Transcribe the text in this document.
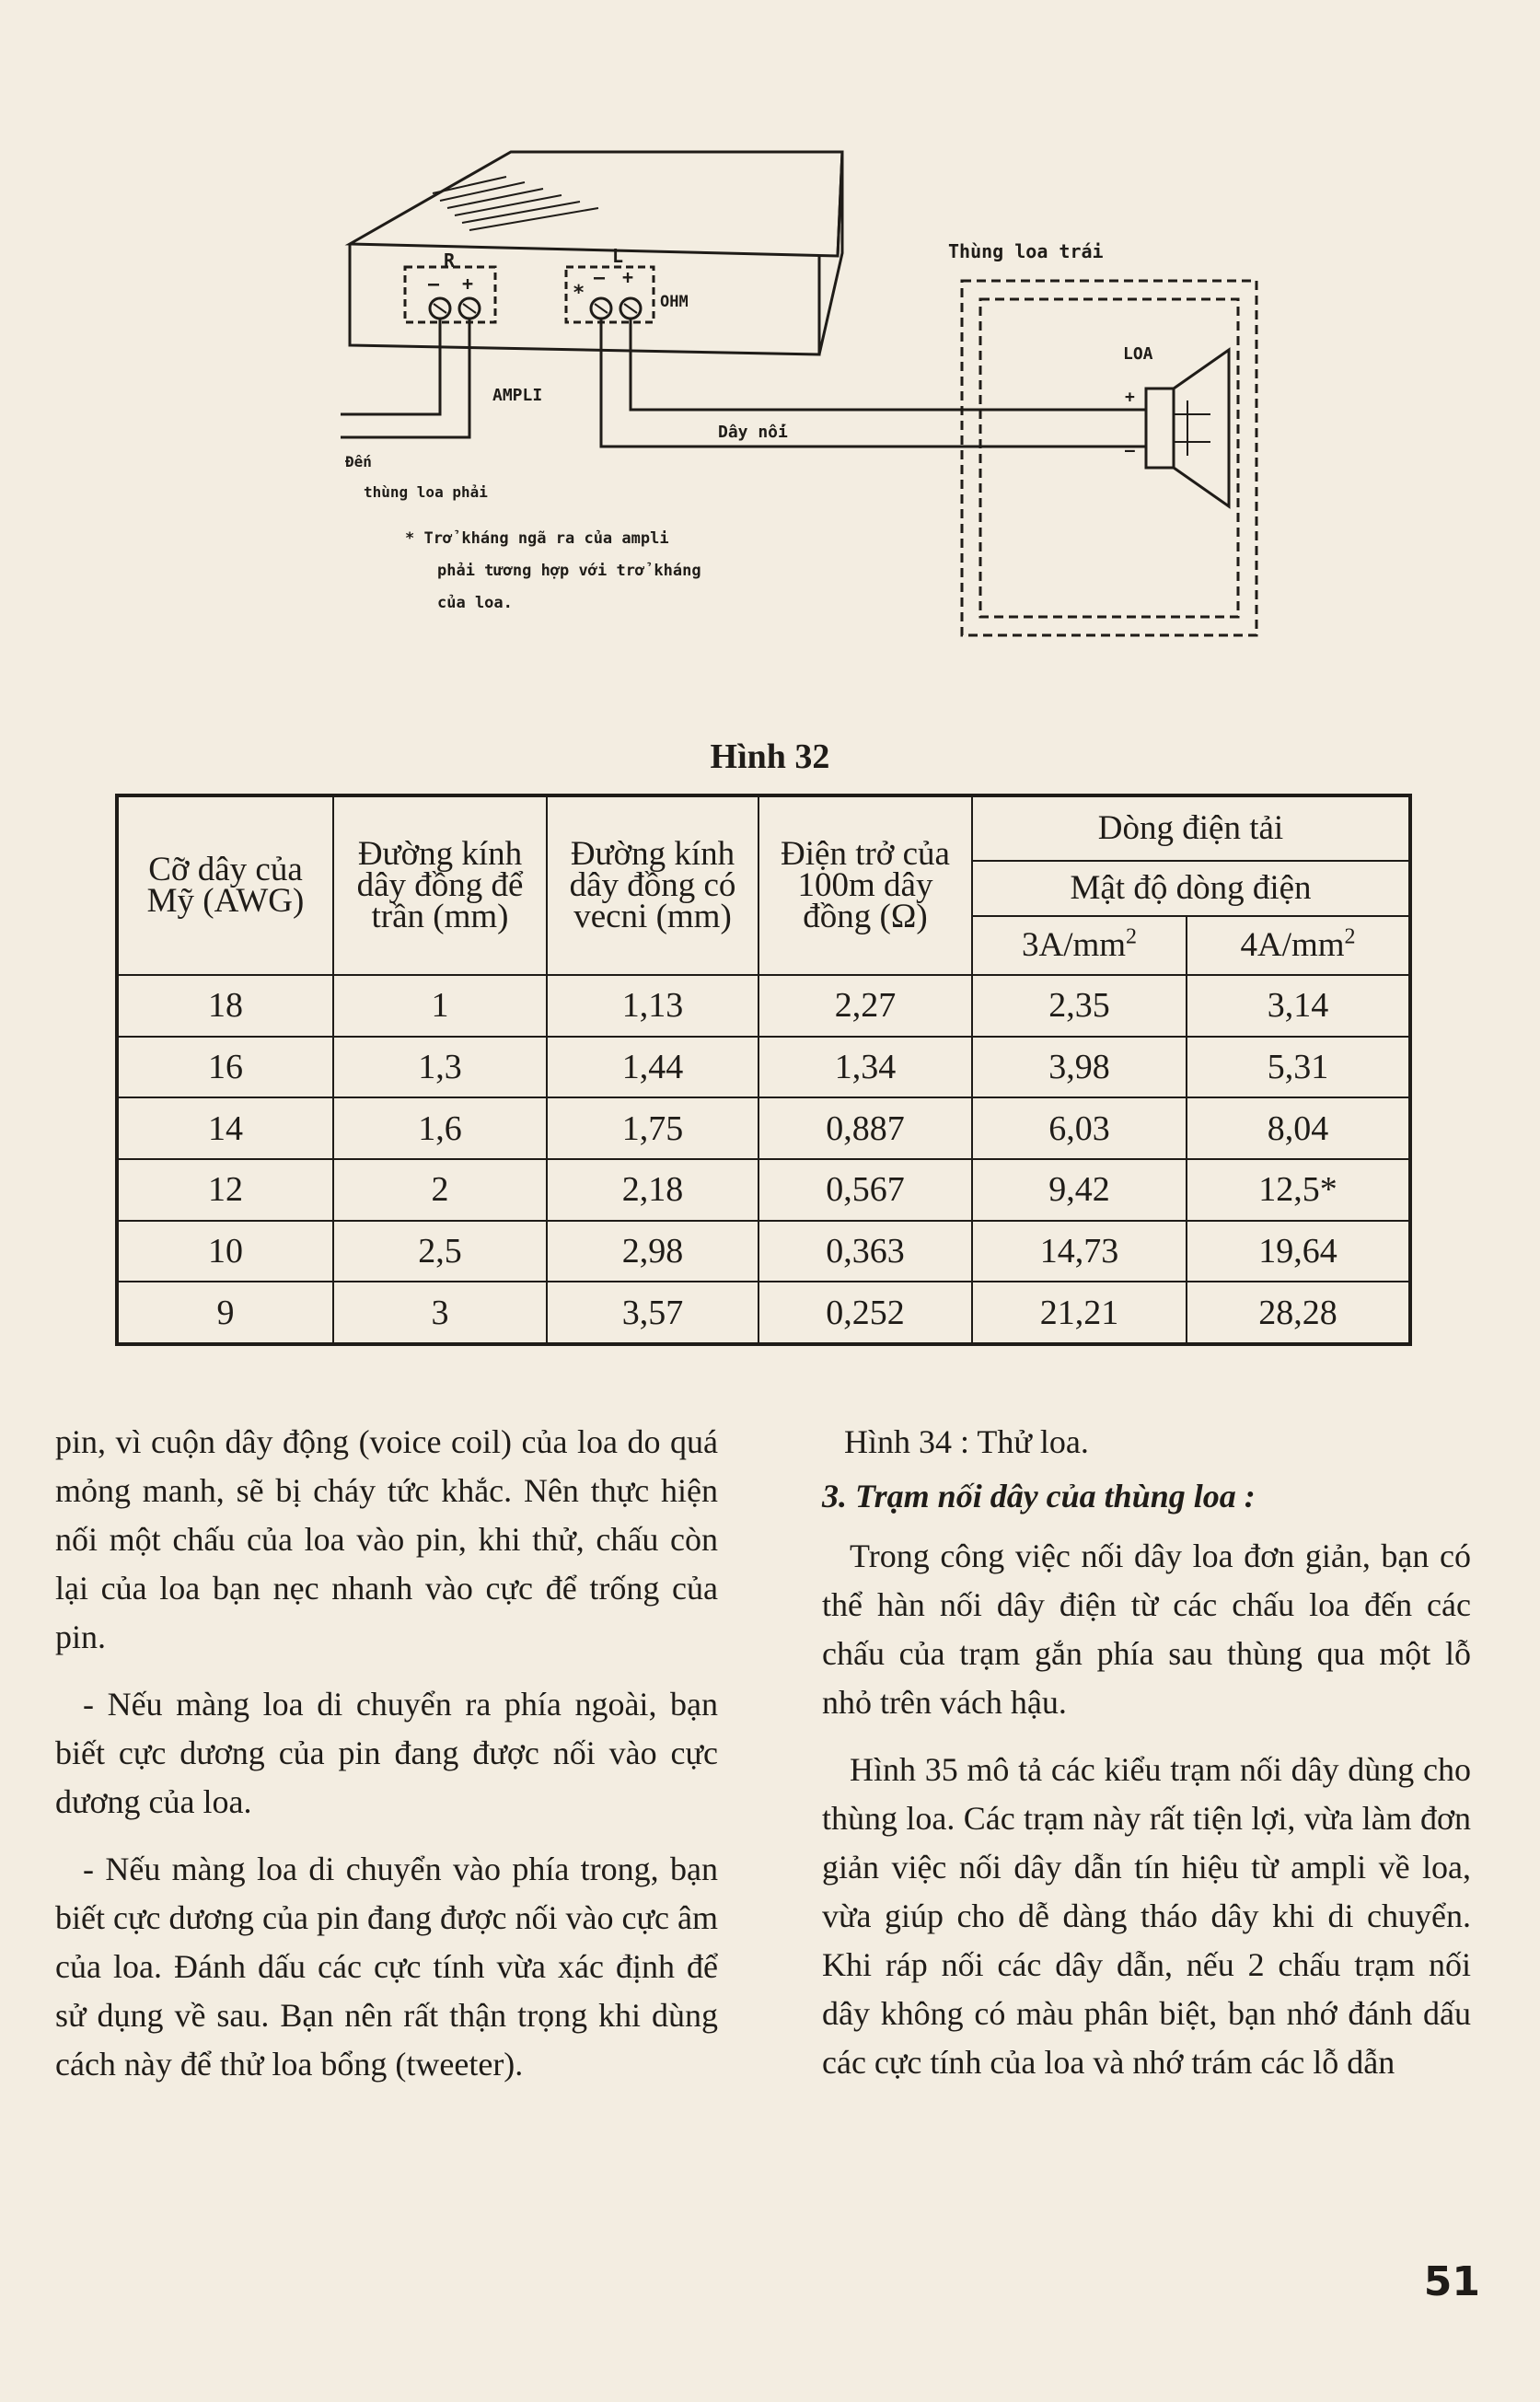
R	L
– +	*
– +
OHM
AMPLI
Thùng loa trái
LOA
+
–
Dây nối
Đến
thùng loa phải
* Trở kháng ngã ra của ampli
phải tương hợp với trở kháng
của loa.
Hình 32
Cỡ dây của Mỹ (AWG)	Đường kính dây đồng để trần (mm)	Đường kính dây đồng có vecni (mm)	Điện trở của 100m dây đồng (Ω)	Dòng điện tải	
				Mật độ dòng điện	
				$3A/mm^2$	$4A/mm^2$
18	1	1,13	2,27	2,35	3,14
16	1,3	1,44	1,34	3,98	5,31
14	1,6	1,75	0,887	6,03	8,04
12	2	2,18	0,567	9,42	12,5*
10	2,5	2,98	0,363	14,73	19,64
9	3	3,57	0,252	21,21	28,28

pin, vì cuộn dây động (voice coil) của loa do quá mỏng manh, sẽ bị cháy tức khắc. Nên thực hiện nối một chấu của loa vào pin, khi thử, chấu còn lại của loa bạn nẹc nhanh vào cực để trống của pin.

- Nếu màng loa di chuyển ra phía ngoài, bạn biết cực dương của pin đang được nối vào cực dương của loa.

- Nếu màng loa di chuyển vào phía trong, bạn biết cực dương của pin đang được nối vào cực âm của loa. Đánh dấu các cực tính vừa xác định để sử dụng về sau. Bạn nên rất thận trọng khi dùng cách này để thử loa bổng (tweeter).

Hình 34 : Thử loa.
3. Trạm nối dây của thùng loa :

Trong công việc nối dây loa đơn giản, bạn có thể hàn nối dây điện từ các chấu loa đến các chấu của trạm gắn phía sau thùng qua một lỗ nhỏ trên vách hậu.

Hình 35 mô tả các kiểu trạm nối dây dùng cho thùng loa. Các trạm này rất tiện lợi, vừa làm đơn giản việc nối dây dẫn tín hiệu từ ampli về loa, vừa giúp cho dễ dàng tháo dây khi di chuyển. Khi ráp nối các dây dẫn, nếu 2 chấu trạm nối dây không có màu phân biệt, bạn nhớ đánh dấu các cực tính của loa và nhớ trám các lỗ dẫn

51
